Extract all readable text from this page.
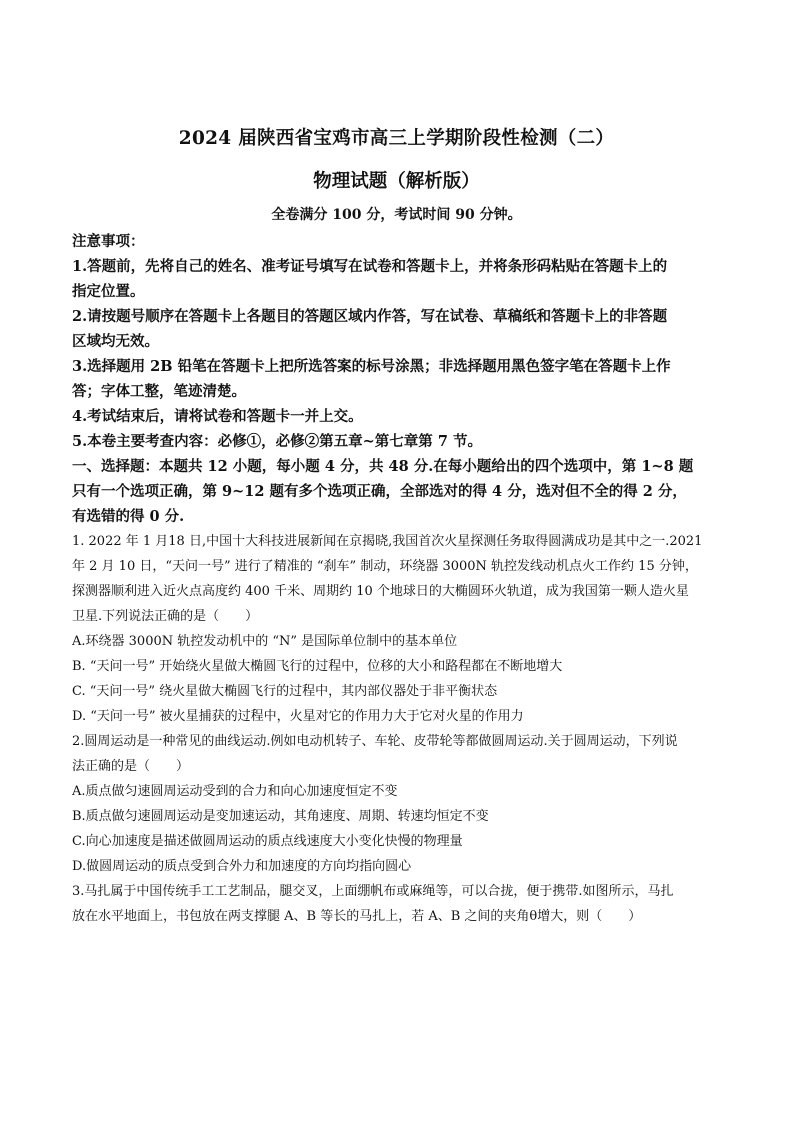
2024 届陕西省宝鸡市高三上学期阶段性检测（二）
物理试题（解析版）
全卷满分 100 分，考试时间 90 分钟。
注意事项：
1.答题前，先将自己的姓名、准考证号填写在试卷和答题卡上，并将条形码粘贴在答题卡上的
指定位置。
2.请按题号顺序在答题卡上各题目的答题区域内作答，写在试卷、草稿纸和答题卡上的非答题
区域均无效。
3.选择题用 2B 铅笔在答题卡上把所选答案的标号涂黑；非选择题用黑色签字笔在答题卡上作
答；字体工整，笔迹清楚。
4.考试结束后，请将试卷和答题卡一并上交。
5.本卷主要考查内容：必修①，必修②第五章~第七章第 7 节。
一、选择题：本题共 12 小题，每小题 4 分，共 48 分.在每小题给出的四个选项中，第 1~8 题
只有一个选项正确，第 9~12 题有多个选项正确，全部选对的得 4 分，选对但不全的得 2 分，
有选错的得 0 分.
1. 2022 年 1 月18 日,中国十大科技进展新闻在京揭晓,我国首次火星探测任务取得圆满成功是其中之一.2021
年 2 月 10 日，“天问一号” 进行了精准的 “刹车” 制动，环绕器 3000N 轨控发线动机点火工作约 15 分钟，
探测器顺利进入近火点高度约 400 千米、周期约 10 个地球日的大椭圆环火轨道，成为我国第一颗人造火星
卫星.下列说法正确的是（　　）
A.环绕器 3000N 轨控发动机中的 “N” 是国际单位制中的基本单位
B. “天问一号” 开始绕火星做大椭圆飞行的过程中，位移的大小和路程都在不断地增大
C. “天问一号” 绕火星做大椭圆飞行的过程中，其内部仪器处于非平衡状态
D. “天问一号” 被火星捕获的过程中，火星对它的作用力大于它对火星的作用力
2.圆周运动是一种常见的曲线运动.例如电动机转子、车轮、皮带轮等都做圆周运动.关于圆周运动，下列说
法正确的是（　　）
A.质点做匀速圆周运动受到的合力和向心加速度恒定不变
B.质点做匀速圆周运动是变加速运动，其角速度、周期、转速均恒定不变
C.向心加速度是描述做圆周运动的质点线速度大小变化快慢的物理量
D.做圆周运动的质点受到合外力和加速度的方向均指向圆心
3.马扎属于中国传统手工工艺制品，腿交叉，上面绷帆布或麻绳等，可以合拢，便于携带.如图所示，马扎
放在水平地面上，书包放在两支撑腿 A、B 等长的马扎上，若 A、B 之间的夹角θ增大，则（　　）
